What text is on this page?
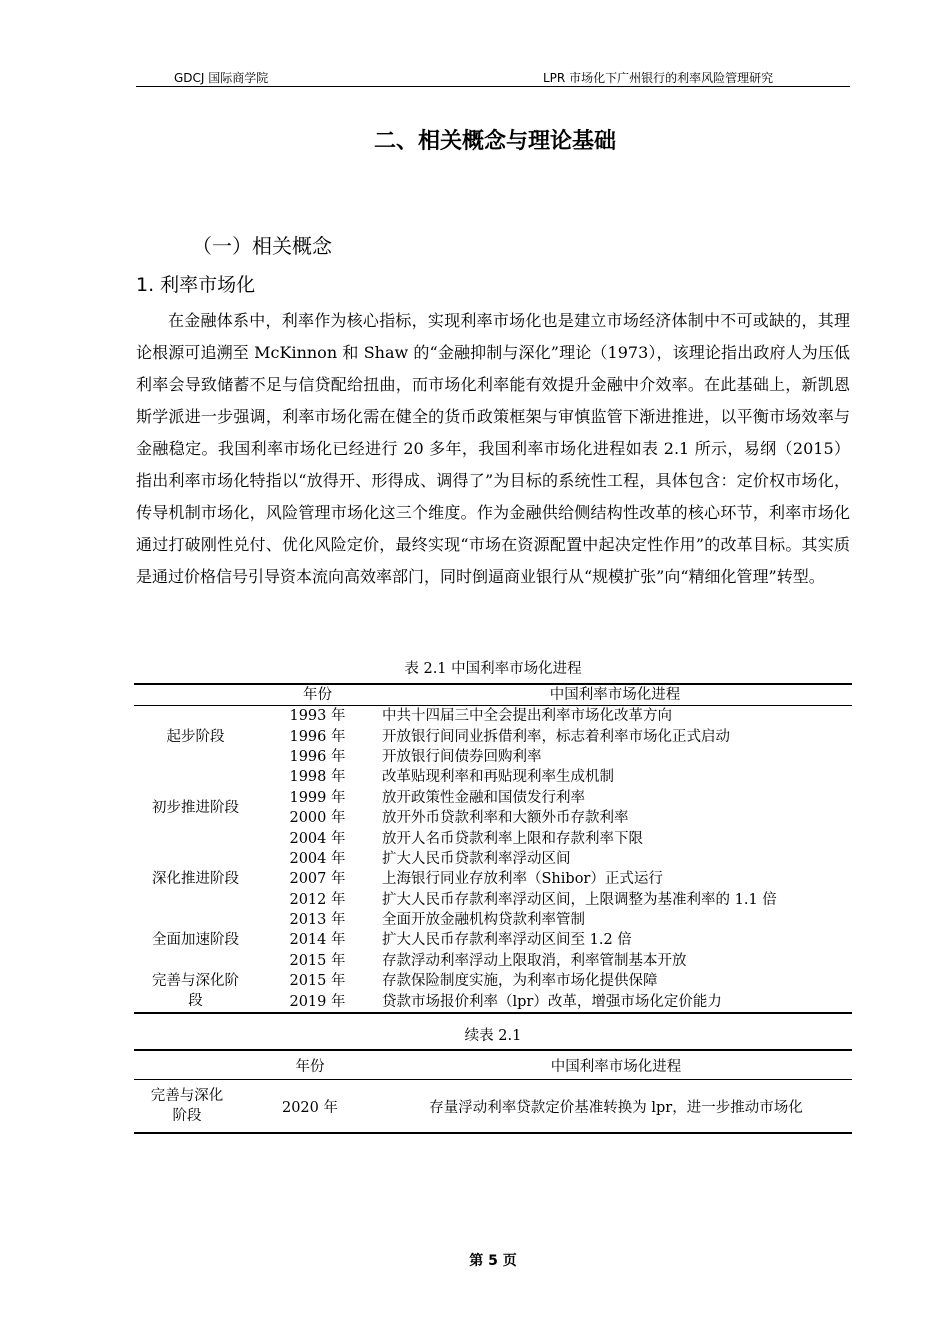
GDCJ 国际商学院	LPR 市场化下广州银行的利率风险管理研究
二、相关概念与理论基础
（一）相关概念
1. 利率市场化

在金融体系中，利率作为核心指标，实现利率市场化也是建立市场经济体制中不可或缺的，其理论根源可追溯至 McKinnon 和 Shaw 的“金融抑制与深化”理论（1973），该理论指出政府人为压低利率会导致储蓄不足与信贷配给扭曲，而市场化利率能有效提升金融中介效率。在此基础上，新凯恩斯学派进一步强调，利率市场化需在健全的货币政策框架与审慎监管下渐进推进，以平衡市场效率与金融稳定。我国利率市场化已经进行 20 多年，我国利率市场化进程如表 2.1 所示，易纲（2015）指出利率市场化特指以“放得开、形得成、调得了”为目标的系统性工程，具体包含：定价权市场化，传导机制市场化，风险管理市场化这三个维度。作为金融供给侧结构性改革的核心环节，利率市场化通过打破刚性兑付、优化风险定价，最终实现“市场在资源配置中起决定性作用”的改革目标。其实质是通过价格信号引导资本流向高效率部门，同时倒逼商业银行从“规模扩张”向“精细化管理”转型。

表 2.1 中国利率市场化进程
	年份	中国利率市场化进程
起步阶段	1993 年	中共十四届三中全会提出利率市场化改革方向
	1996 年	开放银行间同业拆借利率，标志着利率市场化正式启动
	1996 年	开放银行间债券回购利率
初步推进阶段	1998 年	改革贴现利率和再贴现利率生成机制
	1999 年	放开政策性金融和国债发行利率
	2000 年	放开外币贷款利率和大额外币存款利率
	2004 年	放开人名币贷款利率上限和存款利率下限
深化推进阶段	2004 年	扩大人民币贷款利率浮动区间
	2007 年	上海银行同业存放利率（Shibor）正式运行
	2012 年	扩大人民币存款利率浮动区间，上限调整为基准利率的 1.1 倍
全面加速阶段	2013 年	全面开放金融机构贷款利率管制
	2014 年	扩大人民币存款利率浮动区间至 1.2 倍
	2015 年	存款浮动利率浮动上限取消，利率管制基本开放
完善与深化阶段	2015 年	存款保险制度实施，为利率市场化提供保障
	2019 年	贷款市场报价利率（lpr）改革，增强市场化定价能力
续表 2.1
	年份	中国利率市场化进程
完善与深化阶段	2020 年	存量浮动利率贷款定价基准转换为 lpr，进一步推动市场化
第 5 页
